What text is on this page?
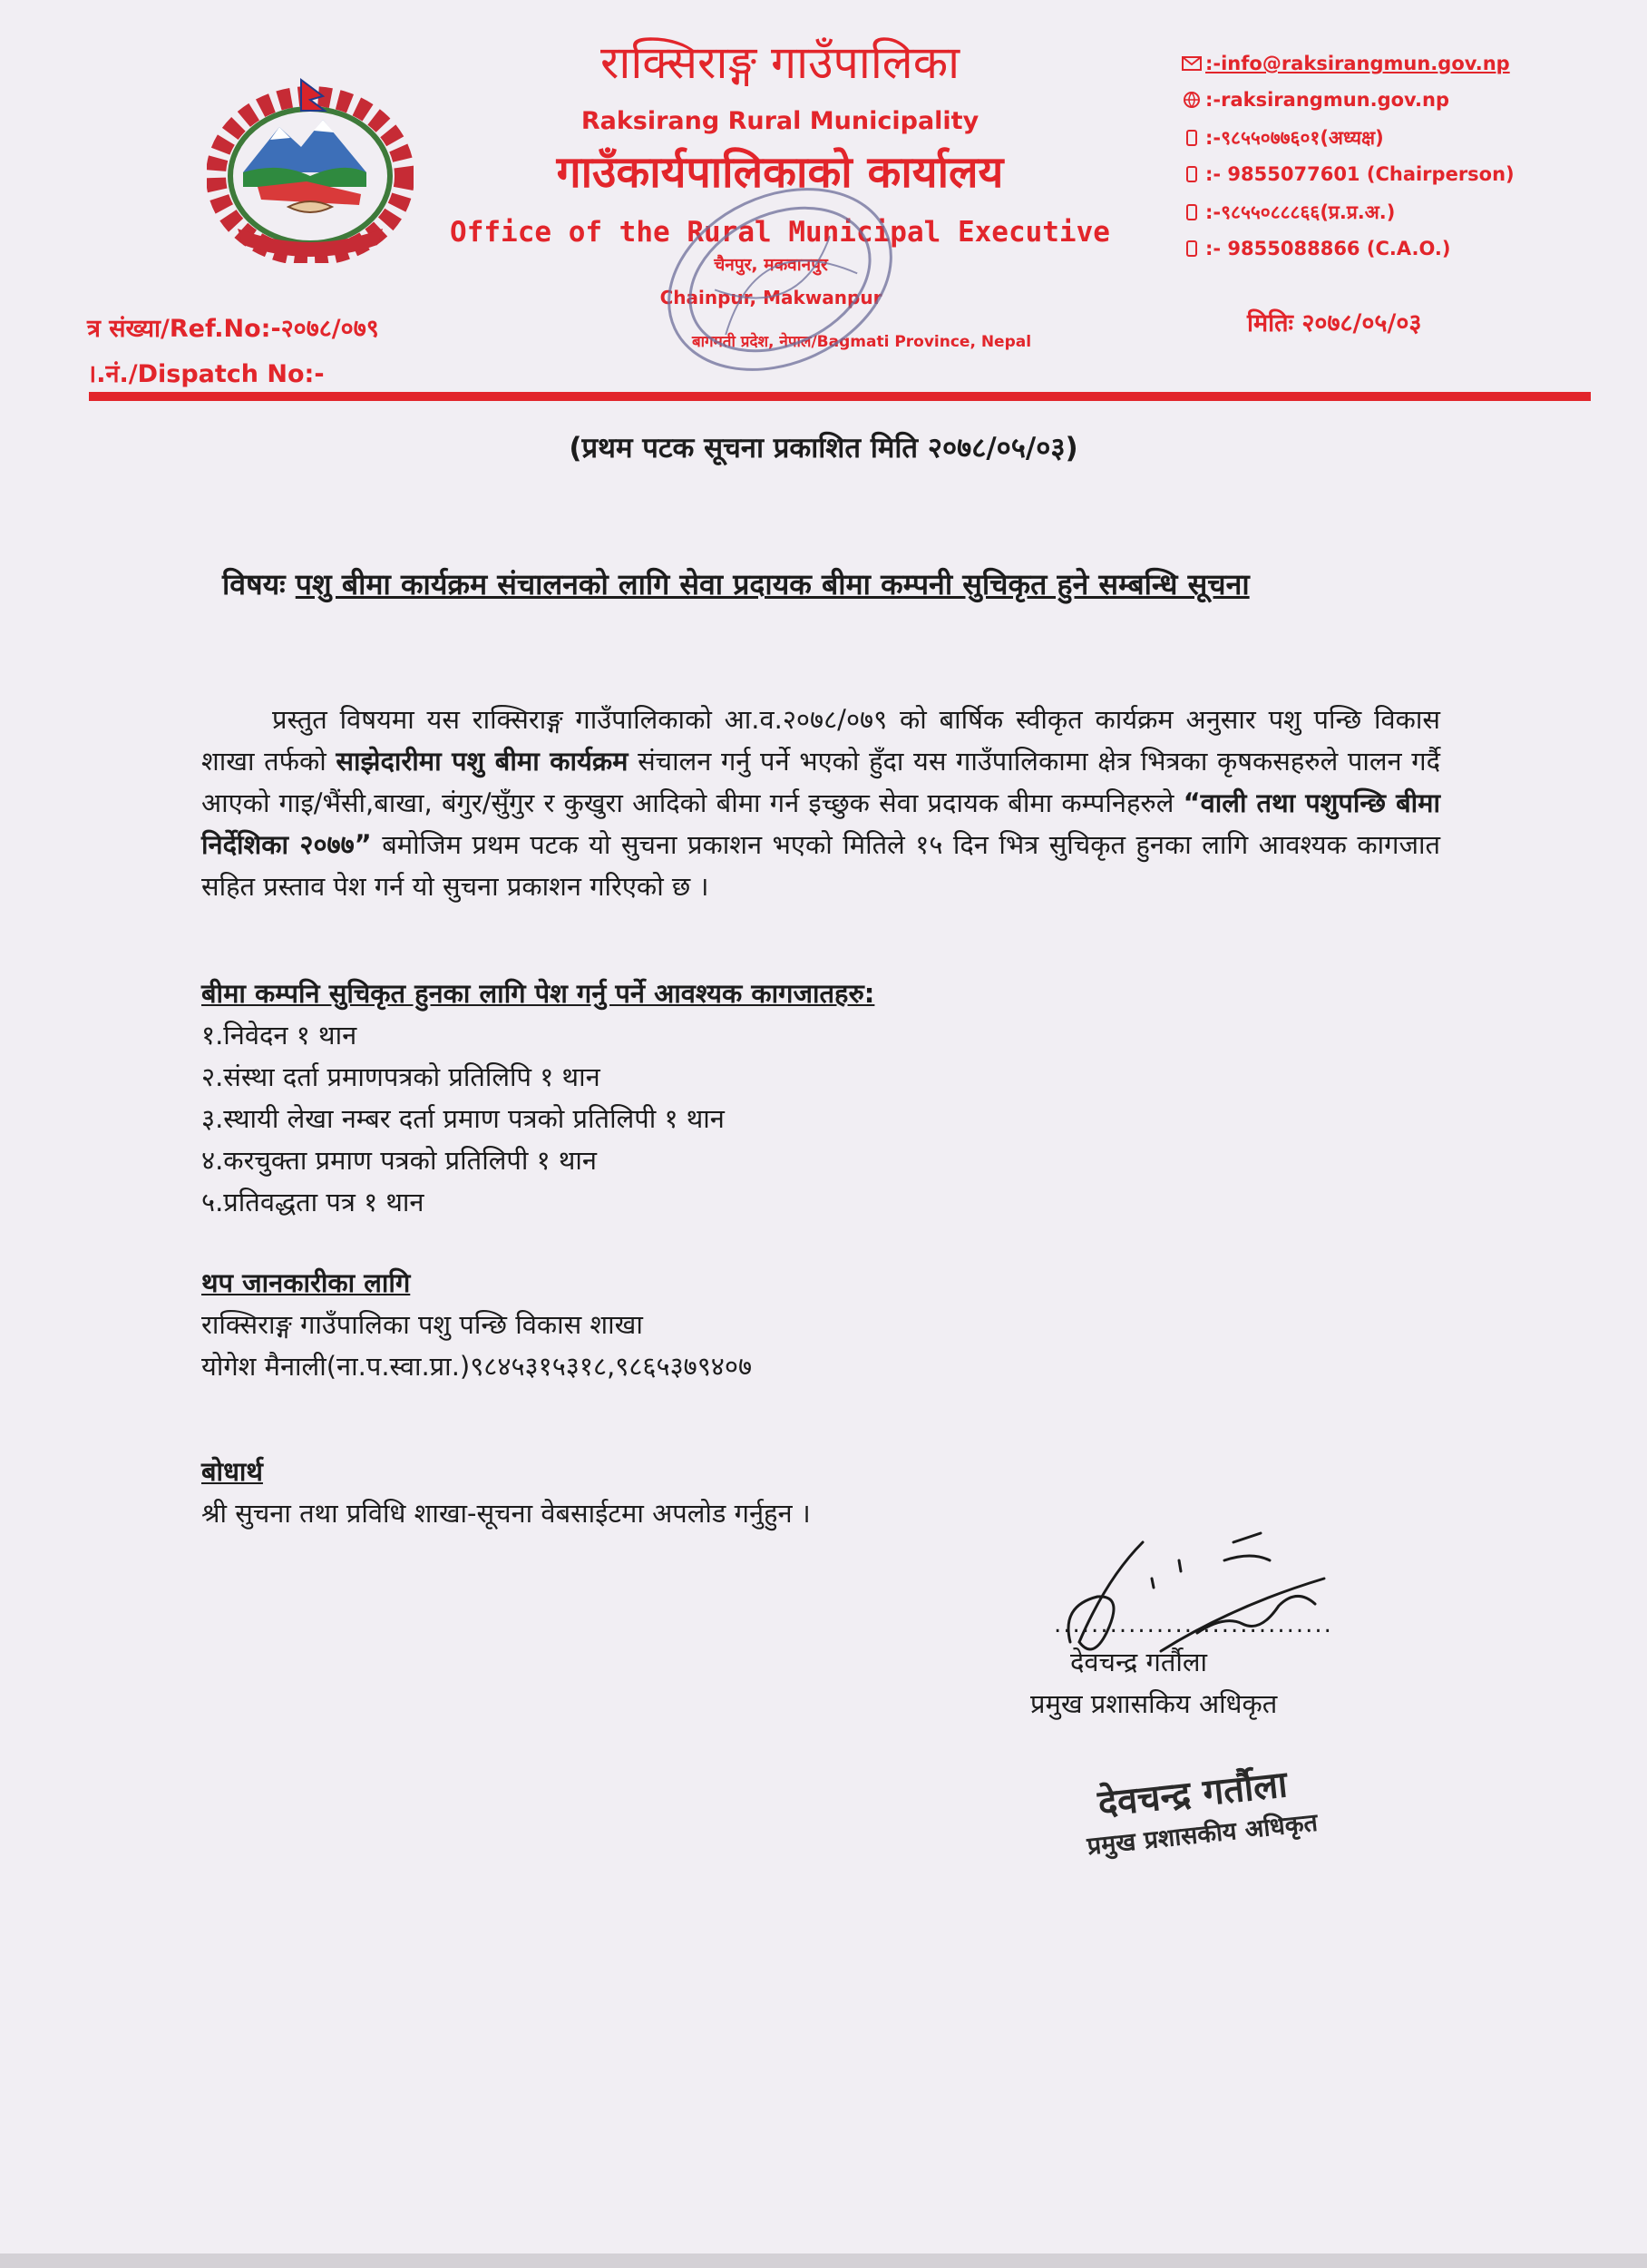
राक्सिराङ्ग गाउँपालिका
Raksirang Rural Municipality
गाउँकार्यपालिकाको कार्यालय
Office of the Rural Municipal Executive
चैनपुर, मकवानपुर
Chainpur, Makwanpur
बागमती प्रदेश, नेपाल/Bagmati Province, Nepal
:-info@raksirangmun.gov.np
:-raksirangmun.gov.np
:-९८५५०७७६०१(अध्यक्ष)
:- 9855077601 (Chairperson)
:-९८५५०८८८६६(प्र.प्र.अ.)
:- 9855088866 (C.A.O.)
त्र संख्या/Ref.No:-२०७८/०७९
।.नं./Dispatch No:-
मितिः २०७८/०५/०३
(प्रथम पटक सूचना प्रकाशित मिति २०७८/०५/०३)
विषयः पशु बीमा कार्यक्रम संचालनको लागि सेवा प्रदायक बीमा कम्पनी सुचिकृत हुने सम्बन्धि सूचना
प्रस्तुत विषयमा यस राक्सिराङ्ग गाउँपालिकाको आ.व.२०७८/०७९ को बार्षिक स्वीकृत कार्यक्रम अनुसार पशु पन्छि विकास शाखा तर्फको साझेदारीमा पशु बीमा कार्यक्रम संचालन गर्नु पर्ने भएको हुँदा यस गाउँपालिकामा क्षेत्र भित्रका कृषकसहरुले पालन गर्दै आएको गाइ/भैंसी,बाखा, बंगुर/सुँगुर र कुखुरा आदिको बीमा गर्न इच्छुक सेवा प्रदायक बीमा कम्पनिहरुले “वाली तथा पशुपन्छि बीमा निर्देशिका २०७७” बमोजिम प्रथम पटक यो सुचना प्रकाशन भएको मितिले १५ दिन भित्र सुचिकृत हुनका लागि आवश्यक कागजात सहित प्रस्ताव पेश गर्न यो सुचना प्रकाशन गरिएको छ ।
बीमा कम्पनि सुचिकृत हुनका लागि पेश गर्नु पर्ने आवश्यक कागजातहरु:
१.निवेदन १ थान
२.संस्था दर्ता प्रमाणपत्रको प्रतिलिपि १ थान
३.स्थायी लेखा नम्बर दर्ता प्रमाण पत्रको प्रतिलिपी १ थान
४.करचुक्ता प्रमाण पत्रको प्रतिलिपी १ थान
५.प्रतिवद्धता पत्र १ थान
थप जानकारीका लागि
राक्सिराङ्ग गाउँपालिका पशु पन्छि विकास शाखा
योगेश मैनाली(ना.प.स्वा.प्रा.)९८४५३१५३१८,९८६५३७९४०७
बोधार्थ
श्री सुचना तथा प्रविधि शाखा-सूचना वेबसाईटमा अपलोड गर्नुहुन ।
..............................
देवचन्द्र गर्तौला
प्रमुख प्रशासकिय अधिकृत
देवचन्द्र गर्तौला
प्रमुख प्रशासकीय अधिकृत
